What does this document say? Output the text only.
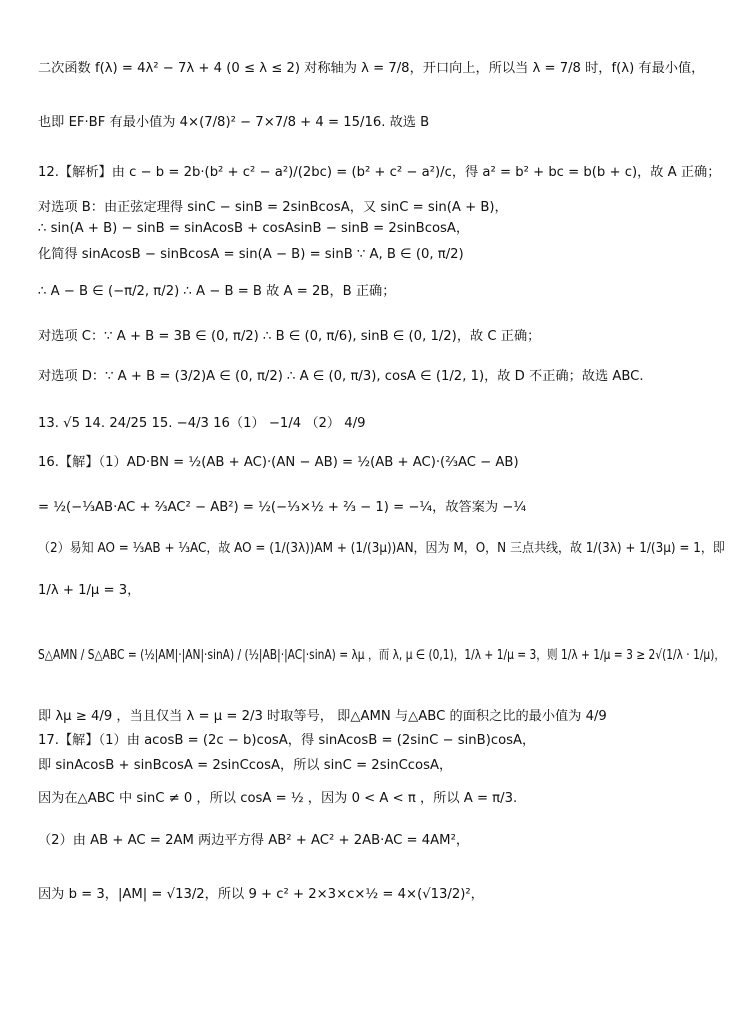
二次函数 f(λ) = 4λ² − 7λ + 4 (0 ≤ λ ≤ 2) 对称轴为 λ = 7/8，开口向上，所以当 λ = 7/8 时，f(λ) 有最小值，
也即 EF·BF 有最小值为 4×(7/8)² − 7×7/8 + 4 = 15/16. 故选 B
12.【解析】由 c − b = 2b·(b² + c² − a²)/(2bc) = (b² + c² − a²)/c，得 a² = b² + bc = b(b + c)，故 A 正确；
对选项 B：由正弦定理得 sinC − sinB = 2sinBcosA，又 sinC = sin(A + B)，
∴ sin(A + B) − sinB = sinAcosB + cosAsinB − sinB = 2sinBcosA，
化简得 sinAcosB − sinBcosA = sin(A − B) = sinB ∵ A, B ∈ (0, π/2)
∴ A − B ∈ (−π/2, π/2) ∴ A − B = B 故 A = 2B，B 正确；
对选项 C：∵ A + B = 3B ∈ (0, π/2) ∴ B ∈ (0, π/6), sinB ∈ (0, 1/2)，故 C 正确；
对选项 D：∵ A + B = (3/2)A ∈ (0, π/2) ∴ A ∈ (0, π/3), cosA ∈ (1/2, 1)，故 D 不正确；故选 ABC.
13. √5 14. 24/25 15. −4/3 16（1） −1/4 （2） 4/9
16.【解】（1）AD·BN = ½(AB + AC)·(AN − AB) = ½(AB + AC)·(⅔AC − AB)
= ½(−⅓AB·AC + ⅔AC² − AB²) = ½(−⅓×½ + ⅔ − 1) = −¼，故答案为 −¼
（2）易知 AO = ⅓AB + ⅓AC，故 AO = (1/(3λ))AM + (1/(3μ))AN，因为 M，O，N 三点共线，故 1/(3λ) + 1/(3μ) = 1，即
1/λ + 1/μ = 3，
S△AMN / S△ABC = (½|AM|·|AN|·sinA) / (½|AB|·|AC|·sinA) = λμ ，而 λ, μ ∈ (0,1)，1/λ + 1/μ = 3，则 1/λ + 1/μ = 3 ≥ 2√(1/λ · 1/μ)，
即 λμ ≥ 4/9 ，当且仅当 λ = μ = 2/3 时取等号， 即△AMN 与△ABC 的面积之比的最小值为 4/9
17.【解】（1）由 acosB = (2c − b)cosA，得 sinAcosB = (2sinC − sinB)cosA，
即 sinAcosB + sinBcosA = 2sinCcosA，所以 sinC = 2sinCcosA，
因为在△ABC 中 sinC ≠ 0 ，所以 cosA = ½ ，因为 0 < A < π ，所以 A = π/3.
（2）由 AB + AC = 2AM 两边平方得 AB² + AC² + 2AB·AC = 4AM²，
因为 b = 3，|AM| = √13/2，所以 9 + c² + 2×3×c×½ = 4×(√13/2)²，
